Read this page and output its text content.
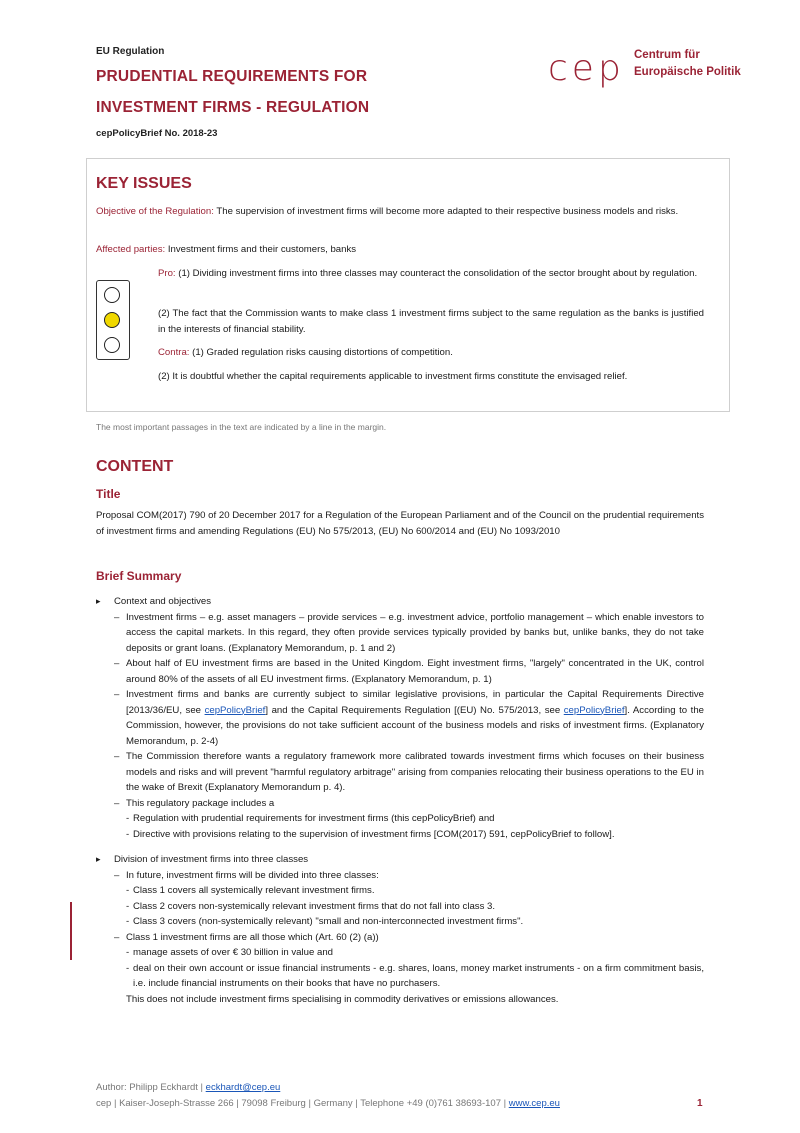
EU Regulation
PRUDENTIAL REQUIREMENTS FOR
INVESTMENT FIRMS - REGULATION
cepPolicyBrief No. 2018-23
cep Centrum für
Europäische Politik
KEY ISSUES
Objective of the Regulation: The supervision of investment firms will become more adapted to their respective business models and risks.
Affected parties: Investment firms and their customers, banks
Pro: (1) Dividing investment firms into three classes may counteract the consolidation of the sector brought about by regulation.
(2) The fact that the Commission wants to make class 1 investment firms subject to the same regulation as the banks is justified in the interests of financial stability.
Contra: (1) Graded regulation risks causing distortions of competition.
(2) It is doubtful whether the capital requirements applicable to investment firms constitute the envisaged relief.
The most important passages in the text are indicated by a line in the margin.
CONTENT
Title
Proposal COM(2017) 790 of 20 December 2017 for a Regulation of the European Parliament and of the Council on the prudential requirements of investment firms and amending Regulations (EU) No 575/2013, (EU) No 600/2014 and (EU) No 1093/2010
Brief Summary
▸ Context and objectives
– Investment firms – e.g. asset managers – provide services – e.g. investment advice, portfolio management – which enable investors to access the capital markets. In this regard, they often provide services typically provided by banks but, unlike banks, they do not take deposits or grant loans. (Explanatory Memorandum, p. 1 and 2)
– About half of EU investment firms are based in the United Kingdom. Eight investment firms, "largely" concentrated in the UK, control around 80% of the assets of all EU investment firms. (Explanatory Memorandum, p. 1)
– Investment firms and banks are currently subject to similar legislative provisions, in particular the Capital Requirements Directive [2013/36/EU, see cepPolicyBrief] and the Capital Requirements Regulation [(EU) No. 575/2013, see cepPolicyBrief]. According to the Commission, however, the provisions do not take sufficient account of the business models and risks of investment firms. (Explanatory Memorandum, p. 2-4)
– The Commission therefore wants a regulatory framework more calibrated towards investment firms which focuses on their business models and risks and will prevent "harmful regulatory arbitrage" arising from companies relocating their business operations to the EU in the wake of Brexit (Explanatory Memorandum p. 4).
– This regulatory package includes a
- Regulation with prudential requirements for investment firms (this cepPolicyBrief) and
- Directive with provisions relating to the supervision of investment firms [COM(2017) 591, cepPolicyBrief to follow].
▸ Division of investment firms into three classes
– In future, investment firms will be divided into three classes:
- Class 1 covers all systemically relevant investment firms.
- Class 2 covers non-systemically relevant investment firms that do not fall into class 3.
- Class 3 covers (non-systemically relevant) "small and non-interconnected investment firms".
– Class 1 investment firms are all those which (Art. 60 (2) (a))
- manage assets of over € 30 billion in value and
- deal on their own account or issue financial instruments - e.g. shares, loans, money market instruments - on a firm commitment basis, i.e. include financial instruments on their books that have no purchasers.
This does not include investment firms specialising in commodity derivatives or emissions allowances.
Author: Philipp Eckhardt | eckhardt@cep.eu
cep | Kaiser-Joseph-Strasse 266 | 79098 Freiburg | Germany | Telephone +49 (0)761 38693-107 | www.cep.eu	1
